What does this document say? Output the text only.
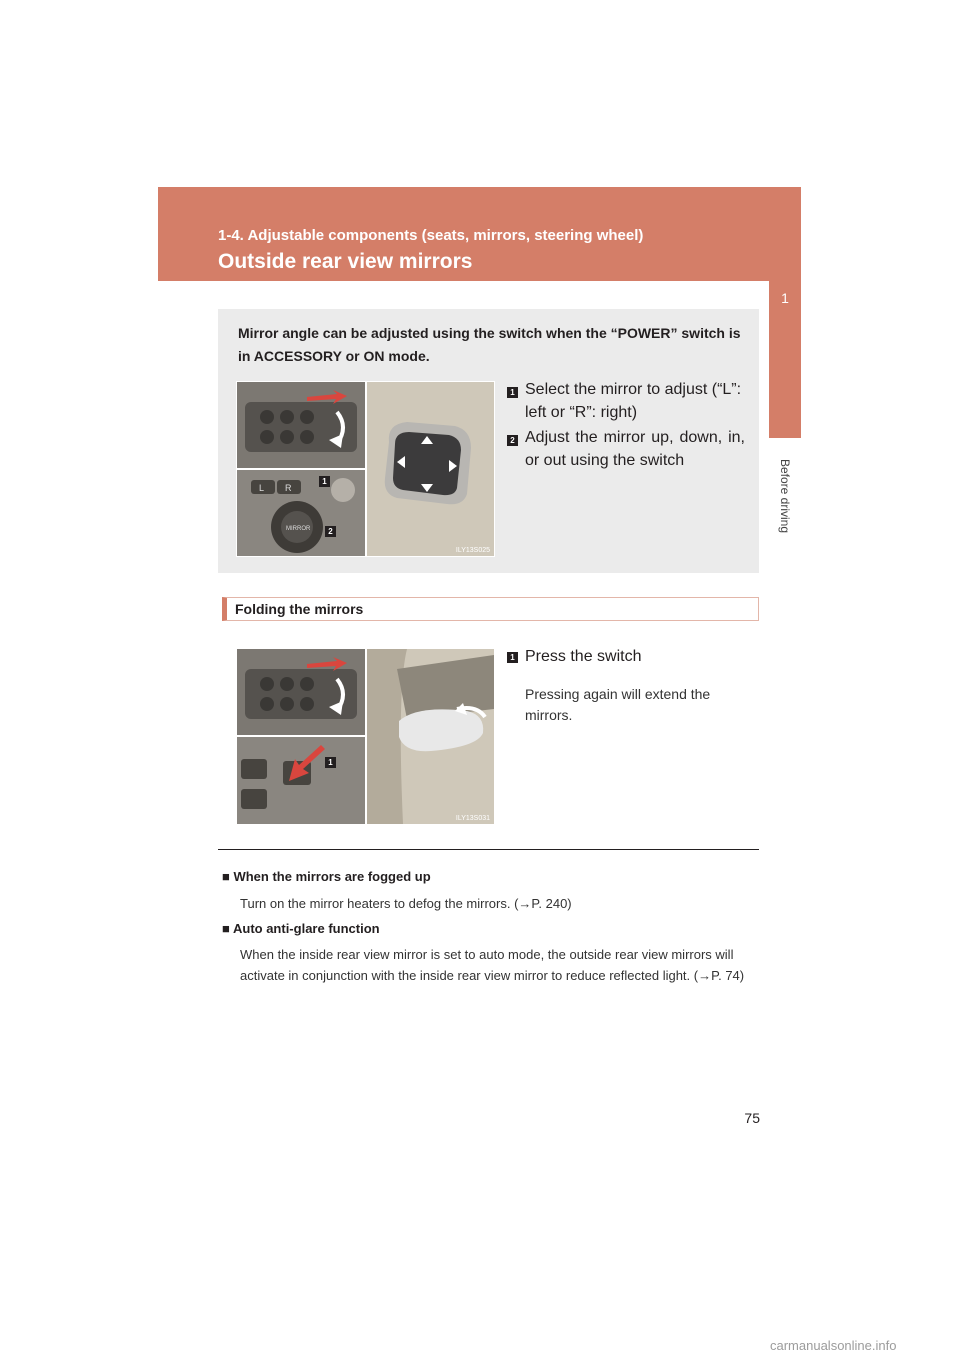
1-4. Adjustable components (seats, mirrors, steering wheel)
Outside rear view mirrors
1
Before driving
Mirror angle can be adjusted using the switch when the “POWER” switch is in ACCESSORY or ON mode.
L R
MIRROR
1
2
ILY13S025
1 Select the mirror to adjust (“L”: left or “R”: right)
2 Adjust the mirror up, down, in, or out using the switch
Folding the mirrors
1
ILY13S031
1 Press the switch
Pressing again will extend the mirrors.
■ When the mirrors are fogged up
Turn on the mirror heaters to defog the mirrors. (→P. 240)
■ Auto anti-glare function
When the inside rear view mirror is set to auto mode, the outside rear view mirrors will activate in conjunction with the inside rear view mirror to reduce reflected light. (→P. 74)
75
carmanualsonline.info
